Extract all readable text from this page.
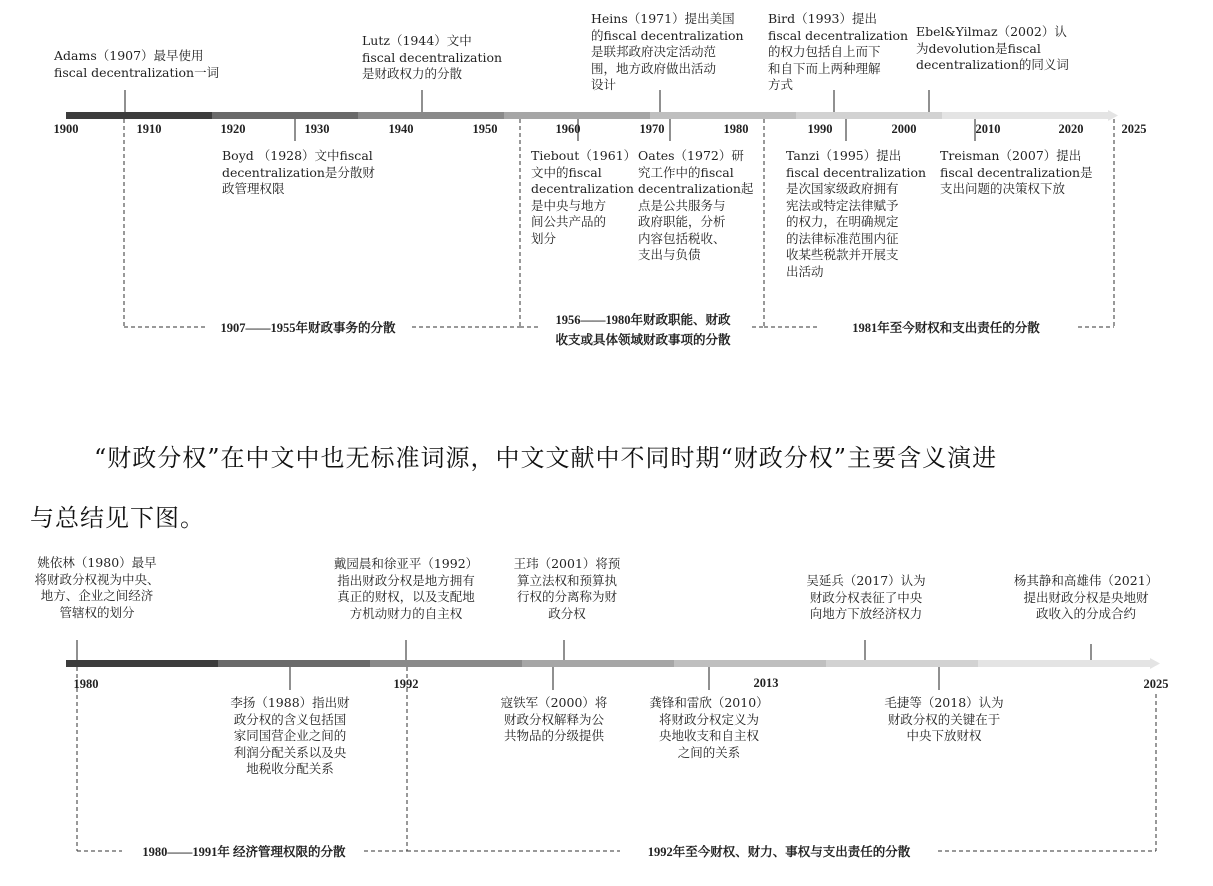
1900	1910	1920	1930	1940	1950	1960	1970	1980	1990	2000	2010	2020	2025
1907——1955年财政事务的分散
1956——1980年财政职能、财政
收支或具体领域财政事项的分散
1981年至今财权和支出责任的分散
1980	1992	2013	2025
1980——1991年 经济管理权限的分散	1992年至今财权、财力、事权与支出责任的分散
Adams（1907）最早使用
fiscal decentralization一词
Lutz（1944）文中
fiscal decentralization
是财政权力的分散
Heins（1971）提出美国
的fiscal decentralization
是联邦政府决定活动范
围，地方政府做出活动
设计
Bird（1993）提出
fiscal decentralization
的权力包括自上而下
和自下而上两种理解
方式
Ebel&Yilmaz（2002）认
为devolution是fiscal
decentralization的同义词
Boyd （1928）文中fiscal
decentralization是分散财
政管理权限
Tiebout（1961）
文中的fiscal
decentralization
是中央与地方
间公共产品的
划分
Oates（1972）研
究工作中的fiscal
decentralization起
点是公共服务与
政府职能，分析
内容包括税收、
支出与负债
Tanzi（1995）提出
fiscal decentralization
是次国家级政府拥有
宪法或特定法律赋予
的权力，在明确规定
的法律标准范围内征
收某些税款并开展支
出活动
Treisman（2007）提出
fiscal decentralization是
支出问题的决策权下放
“财政分权”在中文中也无标准词源，中文文献中不同时期“财政分权”主要含义演进
与总结见下图。
姚依林（1980）最早
将财政分权视为中央、
地方、企业之间经济
管辖权的划分
戴园晨和徐亚平（1992）
指出财政分权是地方拥有
真正的财权，以及支配地
方机动财力的自主权
王玮（2001）将预
算立法权和预算执
行权的分离称为财
政分权
吴延兵（2017）认为
财政分权表征了中央
向地方下放经济权力
杨其静和高雄伟（2021）
提出财政分权是央地财
政收入的分成合约
李扬（1988）指出财
政分权的含义包括国
家同国营企业之间的
利润分配关系以及央
地税收分配关系
寇铁军（2000）将
财政分权解释为公
共物品的分级提供
龚锋和雷欣（2010）
将财政分权定义为
央地收支和自主权
之间的关系
毛捷等（2018）认为
财政分权的关键在于
中央下放财权
